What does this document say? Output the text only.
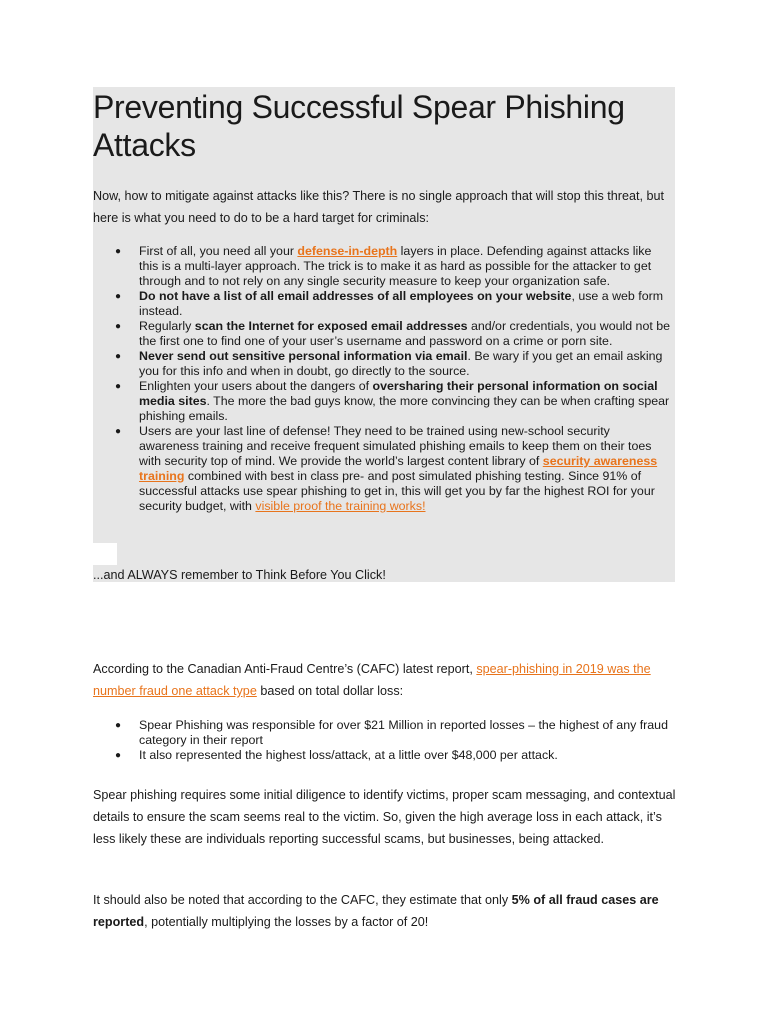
Preventing Successful Spear Phishing Attacks

Now, how to mitigate against attacks like this? There is no single approach that will stop this threat, but here is what you need to do to be a hard target for criminals:

● First of all, you need all your defense-in-depth layers in place. Defending against attacks like this is a multi-layer approach. The trick is to make it as hard as possible for the attacker to get through and to not rely on any single security measure to keep your organization safe.
● Do not have a list of all email addresses of all employees on your website, use a web form instead.
● Regularly scan the Internet for exposed email addresses and/or credentials, you would not be the first one to find one of your user’s username and password on a crime or porn site.
● Never send out sensitive personal information via email. Be wary if you get an email asking you for this info and when in doubt, go directly to the source.
● Enlighten your users about the dangers of oversharing their personal information on social media sites. The more the bad guys know, the more convincing they can be when crafting spear phishing emails.
● Users are your last line of defense! They need to be trained using new-school security awareness training and receive frequent simulated phishing emails to keep them on their toes with security top of mind. We provide the world’s largest content library of security awareness training combined with best in class pre- and post simulated phishing testing. Since 91% of successful attacks use spear phishing to get in, this will get you by far the highest ROI for your security budget, with visible proof the training works!

...and ALWAYS remember to Think Before You Click!

According to the Canadian Anti-Fraud Centre’s (CAFC) latest report, spear-phishing in 2019 was the number fraud one attack type based on total dollar loss:

● Spear Phishing was responsible for over $21 Million in reported losses – the highest of any fraud category in their report
● It also represented the highest loss/attack, at a little over $48,000 per attack.

Spear phishing requires some initial diligence to identify victims, proper scam messaging, and contextual details to ensure the scam seems real to the victim. So, given the high average loss in each attack, it’s less likely these are individuals reporting successful scams, but businesses, being attacked.

It should also be noted that according to the CAFC, they estimate that only 5% of all fraud cases are reported, potentially multiplying the losses by a factor of 20!
